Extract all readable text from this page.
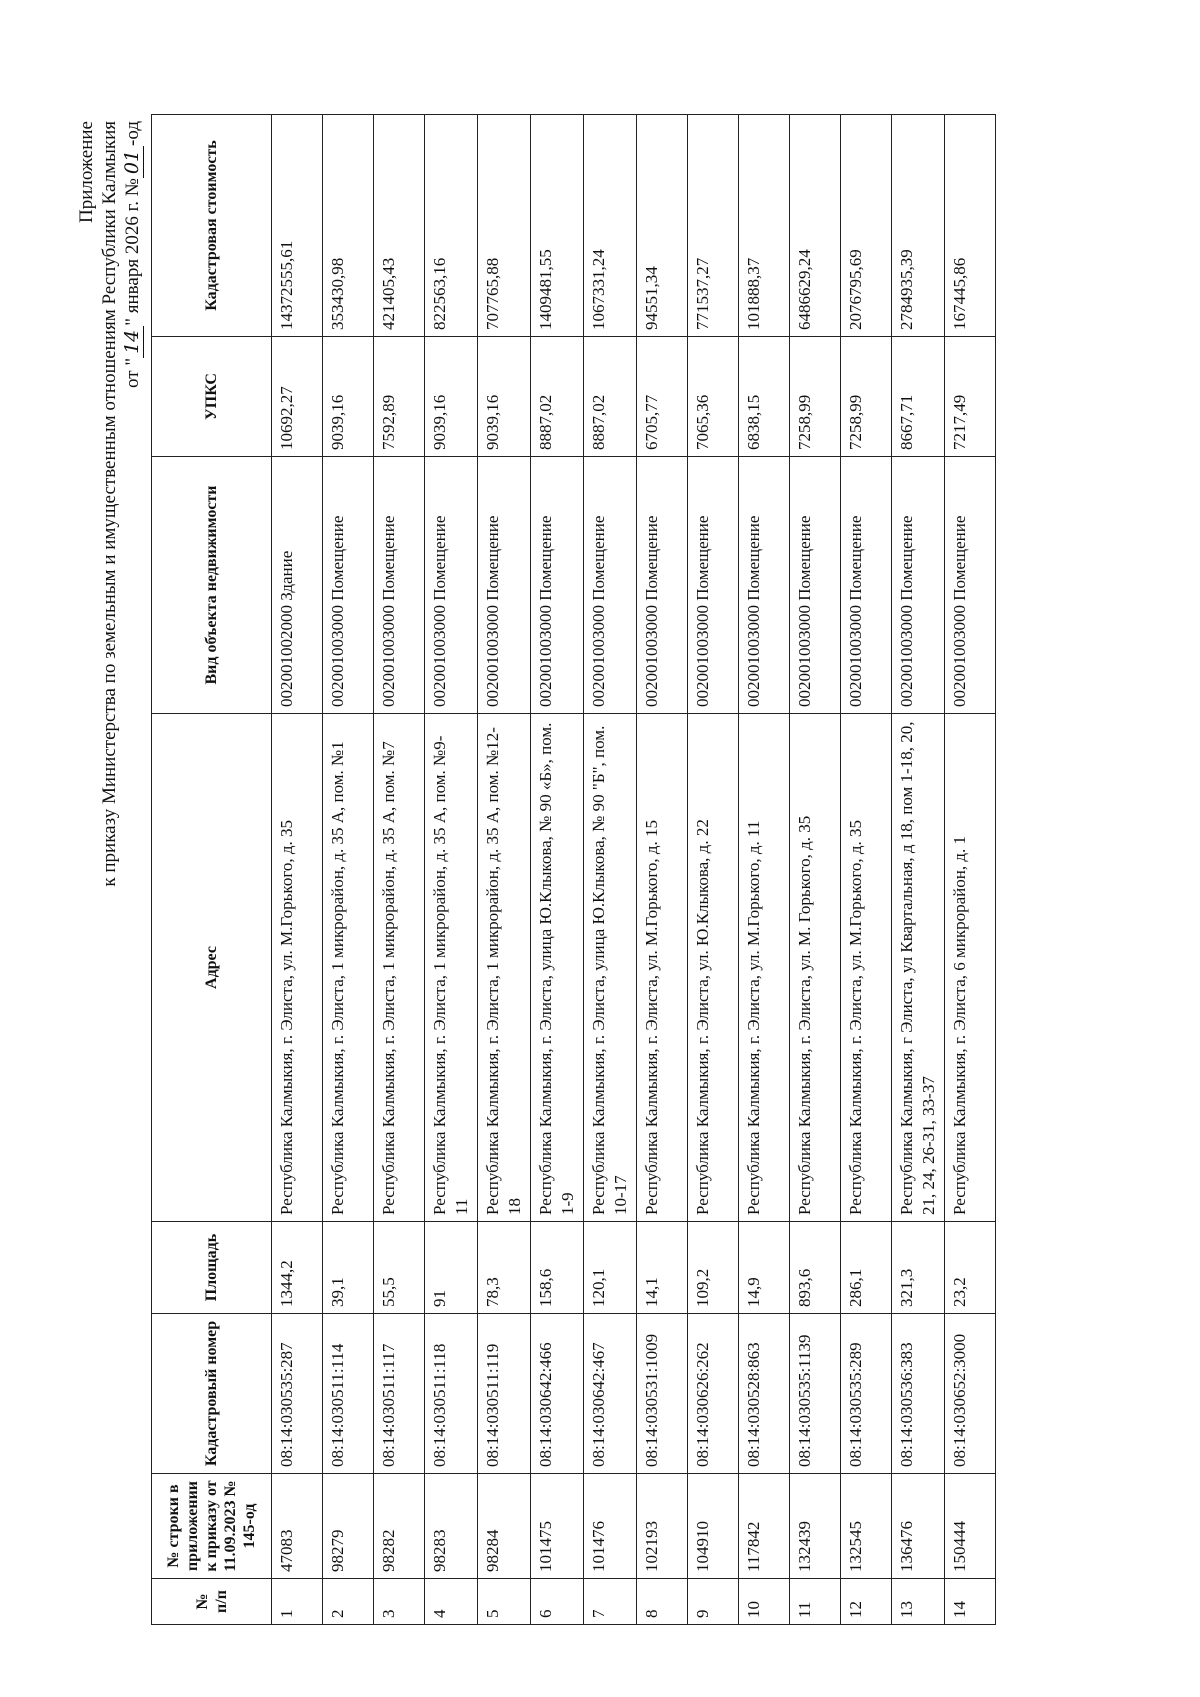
Приложение к приказу Министерства по земельным и имущественным отношениям Республики Калмыкия от "14" января 2026 г. №01-од
№ п/п	№ строки в приложении к приказу от 11.09.2023 № 145-од	Кадастровый номер	Площадь	Адрес	Вид объекта недвижимости	УПКС	Кадастровая стоимость
1	47083	08:14:030535:287	1344,2	Республика Калмыкия, г. Элиста, ул. М.Горького, д. 35	002001002000 Здание	10692,27	14372555,61
2	98279	08:14:030511:114	39,1	Республика Калмыкия, г. Элиста, 1 микрорайон, д. 35 А, пом. №1	002001003000 Помещение	9039,16	353430,98
3	98282	08:14:030511:117	55,5	Республика Калмыкия, г. Элиста, 1 микрорайон, д. 35 А, пом. №7	002001003000 Помещение	7592,89	421405,43
4	98283	08:14:030511:118	91	Республика Калмыкия, г. Элиста, 1 микрорайон, д. 35 А, пом. №9-11	002001003000 Помещение	9039,16	822563,16
5	98284	08:14:030511:119	78,3	Республика Калмыкия, г. Элиста, 1 микрорайон, д. 35 А, пом. №12-18	002001003000 Помещение	9039,16	707765,88
6	101475	08:14:030642:466	158,6	Республика Калмыкия, г. Элиста, улица Ю.Клыкова, № 90 «Б», пом. 1-9	002001003000 Помещение	8887,02	1409481,55
7	101476	08:14:030642:467	120,1	Республика Калмыкия, г. Элиста, улица Ю.Клыкова, № 90 "Б", пом. 10-17	002001003000 Помещение	8887,02	1067331,24
8	102193	08:14:030531:1009	14,1	Республика Калмыкия, г. Элиста, ул. М.Горького, д. 15	002001003000 Помещение	6705,77	94551,34
9	104910	08:14:030626:262	109,2	Республика Калмыкия, г. Элиста, ул. Ю.Клыкова, д. 22	002001003000 Помещение	7065,36	771537,27
10	117842	08:14:030528:863	14,9	Республика Калмыкия, г. Элиста, ул. М.Горького, д. 11	002001003000 Помещение	6838,15	101888,37
11	132439	08:14:030535:1139	893,6	Республика Калмыкия, г. Элиста, ул. М. Горького, д. 35	002001003000 Помещение	7258,99	6486629,24
12	132545	08:14:030535:289	286,1	Республика Калмыкия, г. Элиста, ул. М.Горького, д. 35	002001003000 Помещение	7258,99	2076795,69
13	136476	08:14:030536:383	321,3	Республика Калмыкия, г Элиста, ул Квартальная, д 18, пом 1-18, 20, 21, 24, 26-31, 33-37	002001003000 Помещение	8667,71	2784935,39
14	150444	08:14:030652:3000	23,2	Республика Калмыкия, г. Элиста, 6 микрорайон, д. 1	002001003000 Помещение	7217,49	167445,86
